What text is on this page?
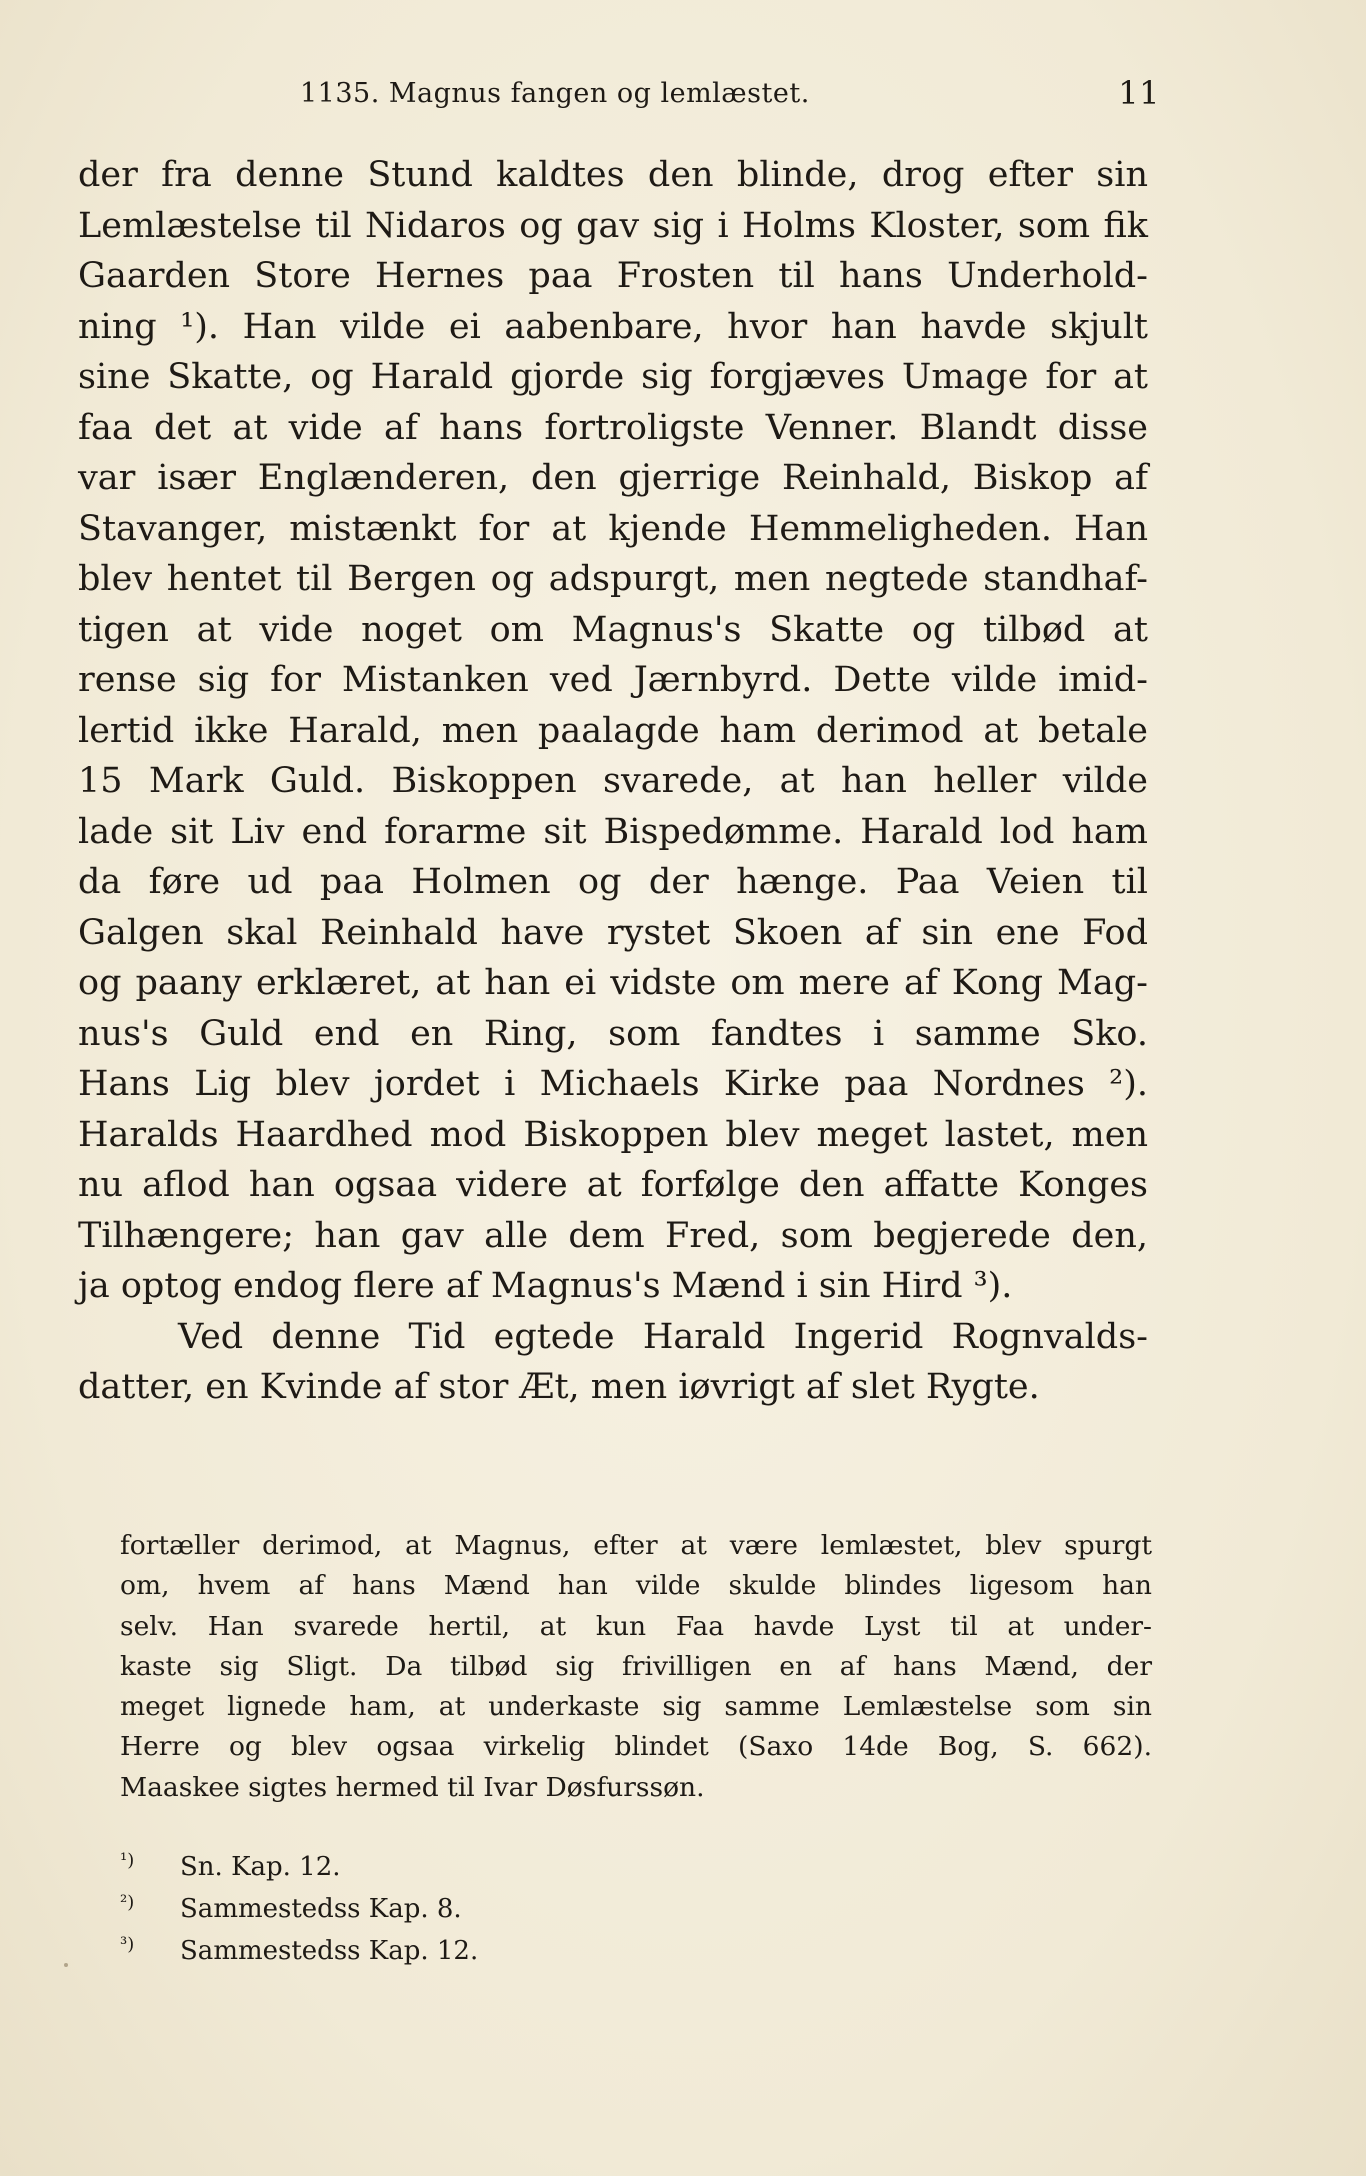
1135. Magnus fangen og lemlæstet.	11
der fra denne Stund kaldtes den blinde, drog efter sin
Lemlæstelse til Nidaros og gav sig i Holms Kloster, som fik
Gaarden Store Hernes paa Frosten til hans Underhold-
ning ¹). Han vilde ei aabenbare, hvor han havde skjult
sine Skatte, og Harald gjorde sig forgjæves Umage for at
faa det at vide af hans fortroligste Venner. Blandt disse
var især Englænderen, den gjerrige Reinhald, Biskop af
Stavanger, mistænkt for at kjende Hemmeligheden. Han
blev hentet til Bergen og adspurgt, men negtede standhaf-
tigen at vide noget om Magnus's Skatte og tilbød at
rense sig for Mistanken ved Jærnbyrd. Dette vilde imid-
lertid ikke Harald, men paalagde ham derimod at betale
15 Mark Guld. Biskoppen svarede, at han heller vilde
lade sit Liv end forarme sit Bispedømme. Harald lod ham
da føre ud paa Holmen og der hænge. Paa Veien til
Galgen skal Reinhald have rystet Skoen af sin ene Fod
og paany erklæret, at han ei vidste om mere af Kong Mag-
nus's Guld end en Ring, som fandtes i samme Sko.
Hans Lig blev jordet i Michaels Kirke paa Nordnes ²).
Haralds Haardhed mod Biskoppen blev meget lastet, men
nu aflod han ogsaa videre at forfølge den affatte Konges
Tilhængere; han gav alle dem Fred, som begjerede den,
ja optog endog flere af Magnus's Mænd i sin Hird ³).
Ved denne Tid egtede Harald Ingerid Rognvalds-
datter, en Kvinde af stor Æt, men iøvrigt af slet Rygte.
fortæller derimod, at Magnus, efter at være lemlæstet, blev spurgt
om, hvem af hans Mænd han vilde skulde blindes ligesom han
selv. Han svarede hertil, at kun Faa havde Lyst til at under-
kaste sig Sligt. Da tilbød sig frivilligen en af hans Mænd, der
meget lignede ham, at underkaste sig samme Lemlæstelse som sin
Herre og blev ogsaa virkelig blindet (Saxo 14de Bog, S. 662).
Maaskee sigtes hermed til Ivar Døsfurssøn.
¹) Sn. Kap. 12.
²) Sammestedss Kap. 8.
³) Sammestedss Kap. 12.
